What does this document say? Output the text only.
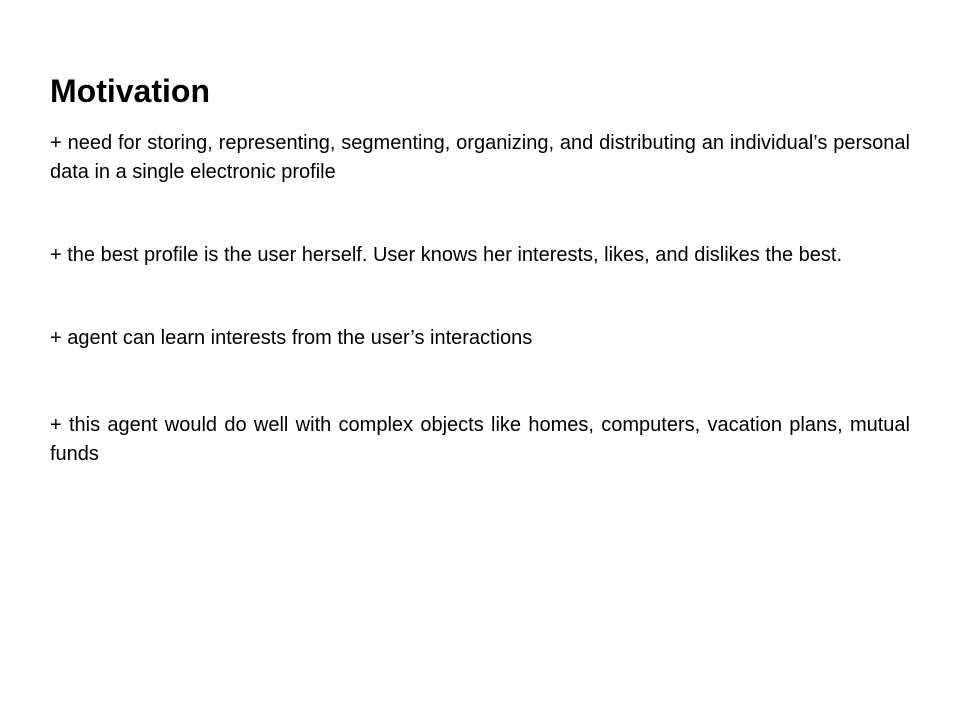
Motivation

+ need for storing, representing, segmenting, organizing, and distributing an individual’s personal data in a single electronic profile

+ the best profile is the user herself. User knows her interests, likes, and dislikes the best.

+ agent can learn interests from the user’s interactions

+ this agent would do well with complex objects like homes, computers, vacation plans, mutual funds
